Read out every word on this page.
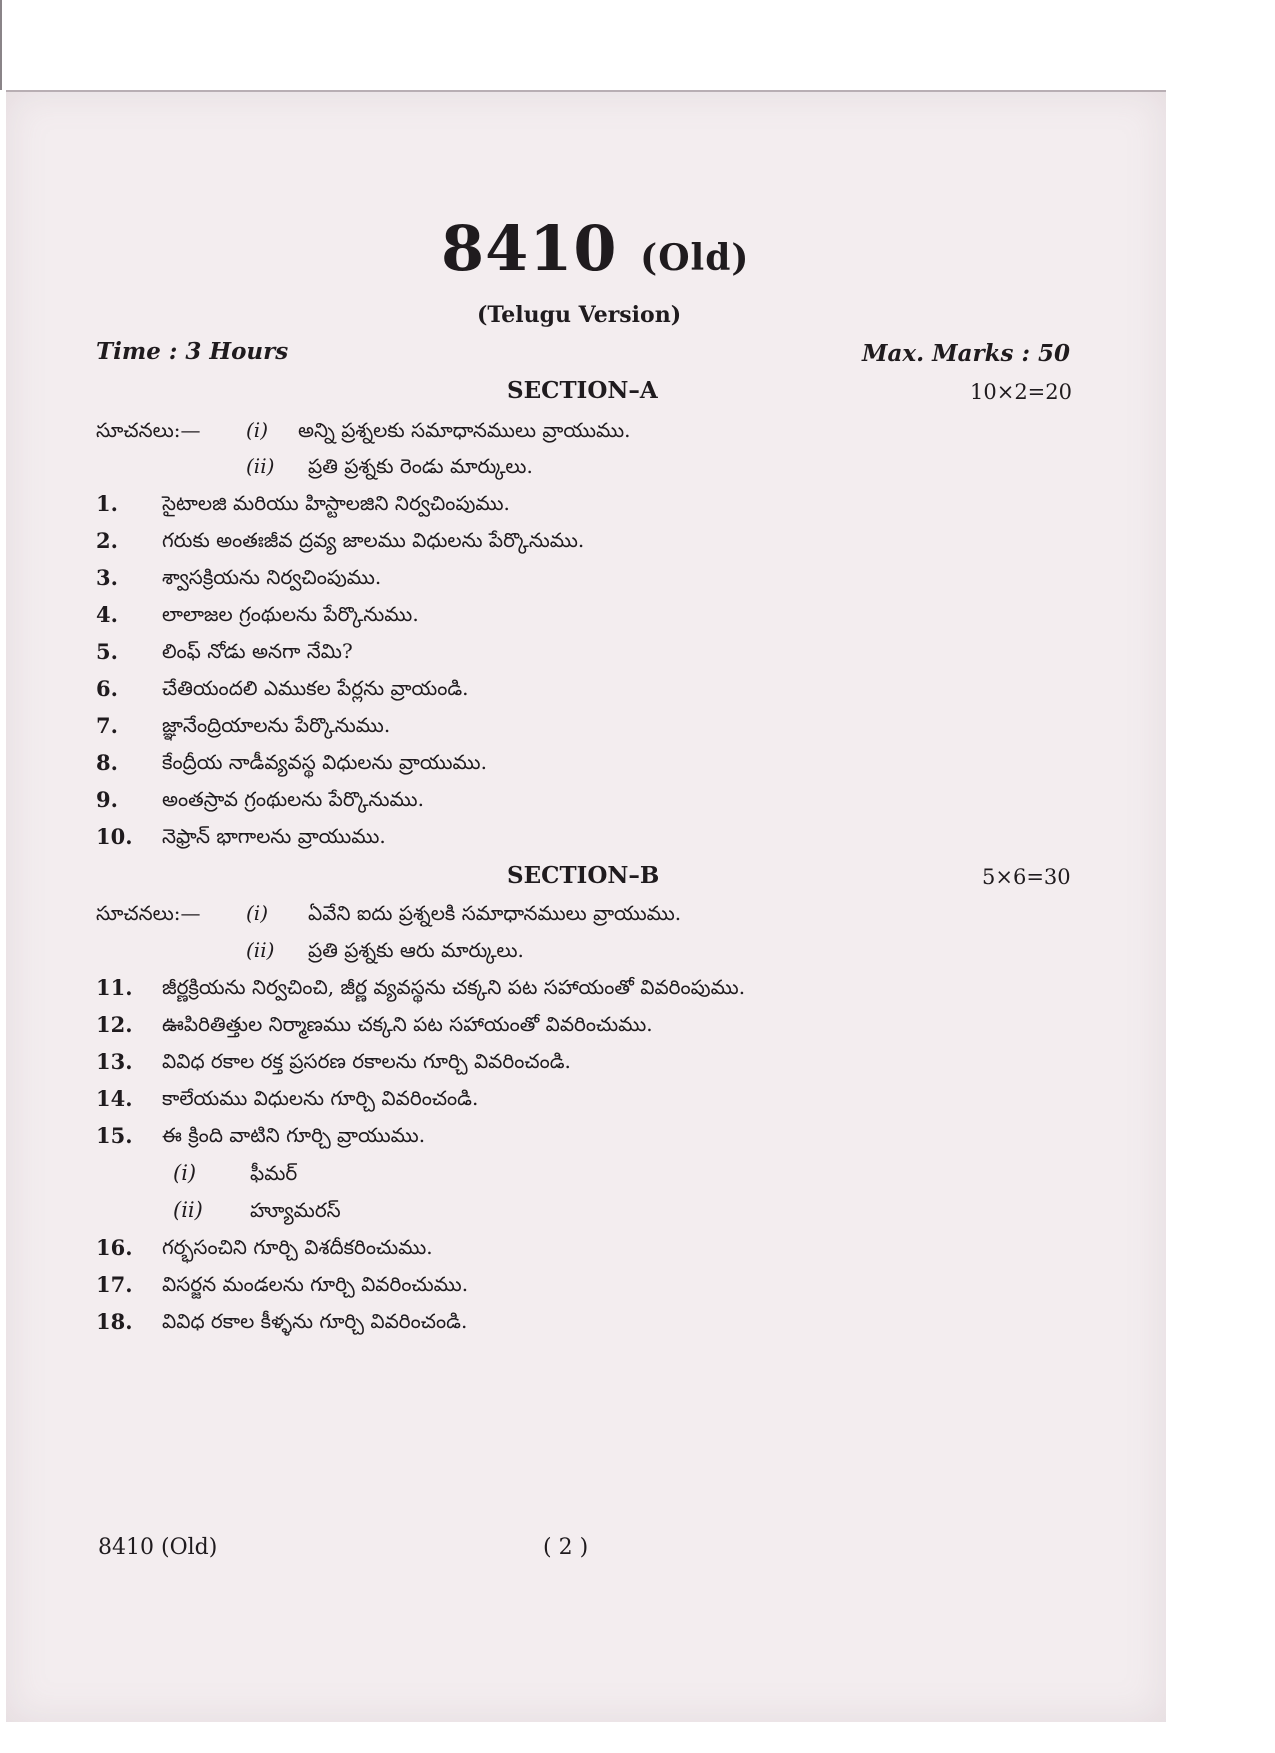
8410 (Old)
(Telugu Version)
Time : 3 Hours	Max. Marks : 50
SECTION–A	10×2=20
సూచనలు:— (i) అన్ని ప్రశ్నలకు సమాధానములు వ్రాయుము.
(ii) ప్రతి ప్రశ్నకు రెండు మార్కులు.
1. సైటాలజి మరియు హిస్టాలజిని నిర్వచింపుము.
2. గరుకు అంతఃజీవ ద్రవ్య జాలము విధులను పేర్కొనుము.
3. శ్వాసక్రియను నిర్వచింపుము.
4. లాలాజల గ్రంథులను పేర్కొనుము.
5. లింఫ్ నోడు అనగా నేమి?
6. చేతియందలి ఎముకల పేర్లను వ్రాయండి.
7. జ్ఞానేంద్రియాలను పేర్కొనుము.
8. కేంద్రీయ నాడీవ్యవస్థ విధులను వ్రాయుము.
9. అంతస్రావ గ్రంథులను పేర్కొనుము.
10. నెఫ్రాన్ భాగాలను వ్రాయుము.
SECTION–B	5×6=30
సూచనలు:— (i) ఏవేని ఐదు ప్రశ్నలకి సమాధానములు వ్రాయుము.
(ii) ప్రతి ప్రశ్నకు ఆరు మార్కులు.
11. జీర్ణక్రియను నిర్వచించి, జీర్ణ వ్యవస్థను చక్కని పట సహాయంతో వివరింపుము.
12. ఊపిరితిత్తుల నిర్మాణము చక్కని పట సహాయంతో వివరించుము.
13. వివిధ రకాల రక్త ప్రసరణ రకాలను గూర్చి వివరించండి.
14. కాలేయము విధులను గూర్చి వివరించండి.
15. ఈ క్రింది వాటిని గూర్చి వ్రాయుము.
(i)	ఫీమర్
(ii) హ్యూమరస్
16. గర్భసంచిని గూర్చి విశదీకరించుము.
17. విసర్జన మండలను గూర్చి వివరించుము.
18. వివిధ రకాల కీళ్ళను గూర్చి వివరించండి.
8410 (Old)	( 2 )
